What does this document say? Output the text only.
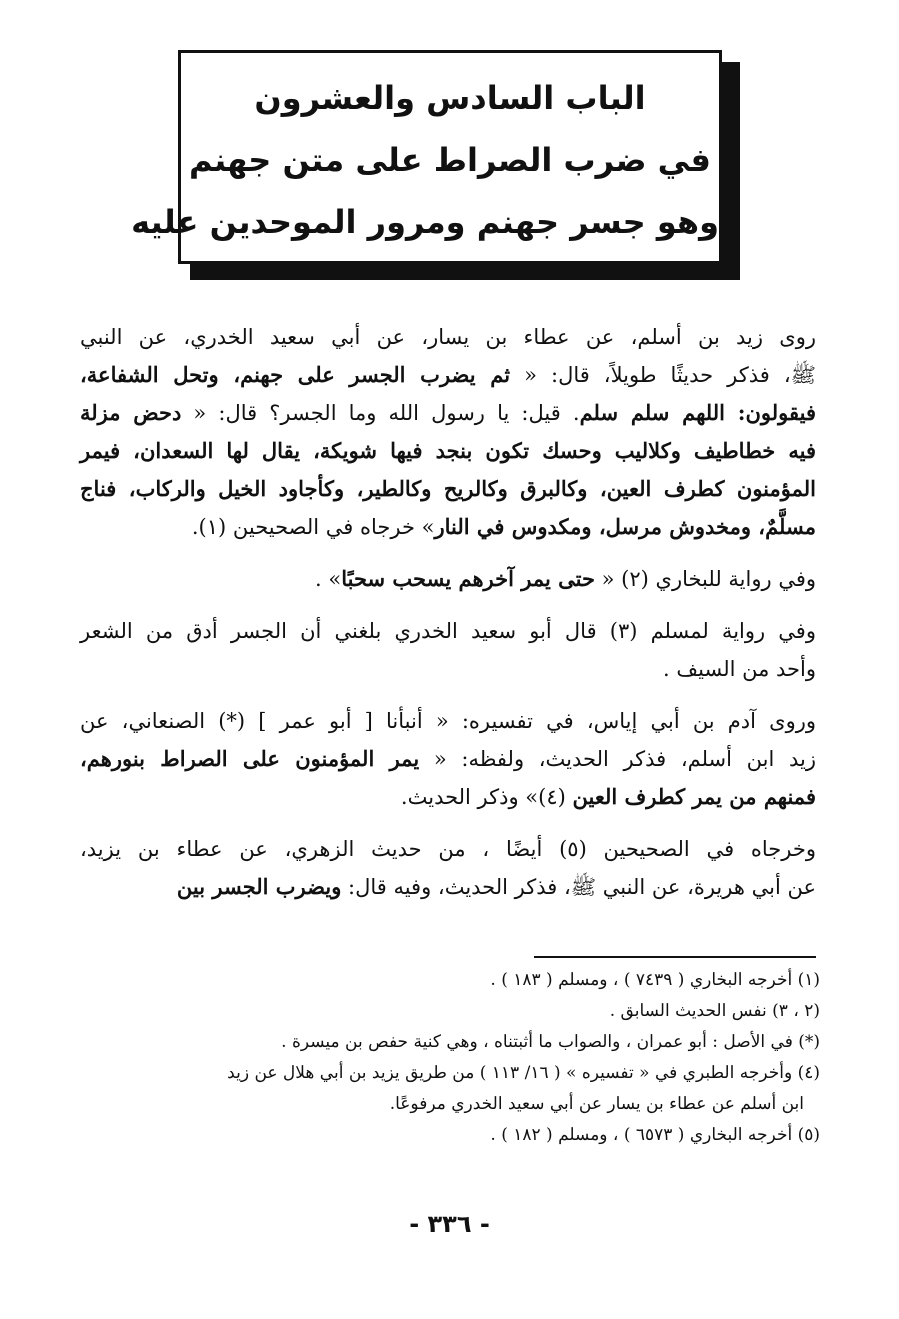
الباب السادس والعشرون
في ضرب الصراط على متن جهنم
وهو جسر جهنم ومرور الموحدين عليه
روى زيد بن أسلم، عن عطاء بن يسار، عن أبي سعيد الخدري، عن النبي
ﷺ، فذكر حديثًا طويلاً، قال: « ثم يضرب الجسر على جهنم، وتحل الشفاعة،
فيقولون: اللهم سلم سلم. قيل: يا رسول الله وما الجسر؟ قال: « دحض مزلة
فيه خطاطيف وكلاليب وحسك تكون بنجد فيها شويكة، يقال لها السعدان، فيمر
المؤمنون كطرف العين، وكالبرق وكالريح وكالطير، وكأجاود الخيل والركاب، فناج
مسلَّمٌ، ومخدوش مرسل، ومكدوس في النار» خرجاه في الصحيحين (١).
وفي رواية للبخاري (٢) « حتى يمر آخرهم يسحب سحبًا» .
وفي رواية لمسلم (٣) قال أبو سعيد الخدري بلغني أن الجسر أدق من الشعر
وأحد من السيف .
وروى آدم بن أبي إياس، في تفسيره: « أنبأنا [ أبو عمر ] (*) الصنعاني، عن
زيد ابن أسلم، فذكر الحديث، ولفظه: « يمر المؤمنون على الصراط بنورهم،
فمنهم من يمر كطرف العين (٤)» وذكر الحديث.
وخرجاه في الصحيحين (٥) أيضًا ، من حديث الزهري، عن عطاء بن يزيد،
عن أبي هريرة، عن النبي ﷺ، فذكر الحديث، وفيه قال: ويضرب الجسر بين
(١) أخرجه البخاري ( ٧٤٣٩ ) ، ومسلم ( ١٨٣ ) .
(٢ ، ٣) نفس الحديث السابق .
(*) في الأصل : أبو عمران ، والصواب ما أثبتناه ، وهي كنية حفص بن ميسرة .
(٤) وأخرجه الطبري في « تفسيره » ( ١٦/ ١١٣ ) من طريق يزيد بن أبي هلال عن زيد
ابن أسلم عن عطاء بن يسار عن أبي سعيد الخدري مرفوعًا.
(٥) أخرجه البخاري ( ٦٥٧٣ ) ، ومسلم ( ١٨٢ ) .
- ٣٣٦ -
